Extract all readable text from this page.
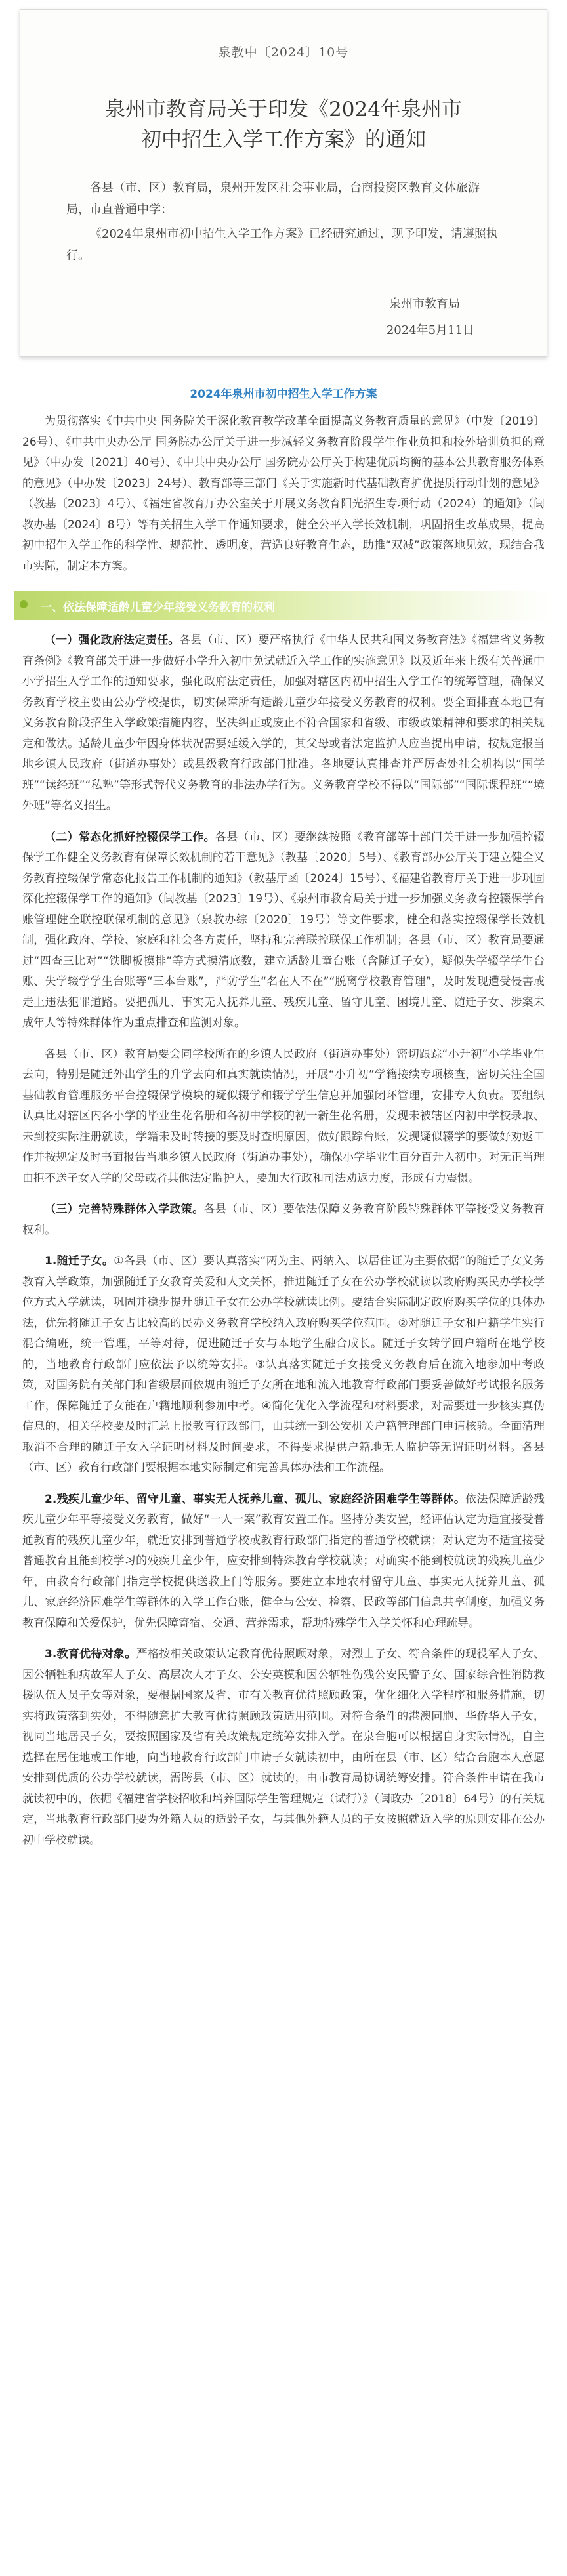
泉教中〔2024〕10号
泉州市教育局关于印发《2024年泉州市
初中招生入学工作方案》的通知

各县（市、区）教育局，泉州开发区社会事业局，台商投资区教育文体旅游局，市直普通中学：

《2024年泉州市初中招生入学工作方案》已经研究通过，现予印发，请遵照执行。

泉州市教育局
2024年5月11日
2024年泉州市初中招生入学工作方案

为贯彻落实《中共中央 国务院关于深化教育教学改革全面提高义务教育质量的意见》（中发〔2019〕26号）、《中共中央办公厅 国务院办公厅关于进一步减轻义务教育阶段学生作业负担和校外培训负担的意见》（中办发〔2021〕40号）、《中共中央办公厅 国务院办公厅关于构建优质均衡的基本公共教育服务体系的意见》（中办发〔2023〕24号）、教育部等三部门《关于实施新时代基础教育扩优提质行动计划的意见》（教基〔2023〕4号）、《福建省教育厅办公室关于开展义务教育阳光招生专项行动（2024）的通知》（闽教办基〔2024〕8号）等有关招生入学工作通知要求，健全公平入学长效机制，巩固招生改革成果，提高初中招生入学工作的科学性、规范性、透明度，营造良好教育生态，助推“双减”政策落地见效，现结合我市实际，制定本方案。

一、依法保障适龄儿童少年接受义务教育的权利

（一）强化政府法定责任。各县（市、区）要严格执行《中华人民共和国义务教育法》《福建省义务教育条例》《教育部关于进一步做好小学升入初中免试就近入学工作的实施意见》以及近年来上级有关普通中小学招生入学工作的通知要求，强化政府法定责任，加强对辖区内初中招生入学工作的统筹管理，确保义务教育学校主要由公办学校提供，切实保障所有适龄儿童少年接受义务教育的权利。要全面排查本地已有义务教育阶段招生入学政策措施内容，坚决纠正或废止不符合国家和省级、市级政策精神和要求的相关规定和做法。适龄儿童少年因身体状况需要延缓入学的，其父母或者法定监护人应当提出申请，按规定报当地乡镇人民政府（街道办事处）或县级教育行政部门批准。各地要认真排查并严厉查处社会机构以“国学班”“读经班”“私塾”等形式替代义务教育的非法办学行为。义务教育学校不得以“国际部”“国际课程班”“境外班”等名义招生。

（二）常态化抓好控辍保学工作。各县（市、区）要继续按照《教育部等十部门关于进一步加强控辍保学工作健全义务教育有保障长效机制的若干意见》（教基〔2020〕5号）、《教育部办公厅关于建立健全义务教育控辍保学常态化报告工作机制的通知》（教基厅函〔2024〕15号）、《福建省教育厅关于进一步巩固深化控辍保学工作的通知》（闽教基〔2023〕19号）、《泉州市教育局关于进一步加强义务教育控辍保学台账管理健全联控联保机制的意见》（泉教办综〔2020〕19号）等文件要求，健全和落实控辍保学长效机制，强化政府、学校、家庭和社会各方责任，坚持和完善联控联保工作机制；各县（市、区）教育局要通过“四查三比对”“铁脚板摸排”等方式摸清底数，建立适龄儿童台账（含随迁子女），疑似失学辍学学生台账、失学辍学学生台账等“三本台账”，严防学生“名在人不在”“脱离学校教育管理”，及时发现遭受侵害或走上违法犯罪道路。要把孤儿、事实无人抚养儿童、残疾儿童、留守儿童、困境儿童、随迁子女、涉案未成年人等特殊群体作为重点排查和监测对象。

各县（市、区）教育局要会同学校所在的乡镇人民政府（街道办事处）密切跟踪“小升初”小学毕业生去向，特别是随迁外出学生的升学去向和真实就读情况，开展“小升初”学籍接续专项核查，密切关注全国基础教育管理服务平台控辍保学模块的疑似辍学和辍学学生信息并加强闭环管理，安排专人负责。要组织认真比对辖区内各小学的毕业生花名册和各初中学校的初一新生花名册，发现未被辖区内初中学校录取、未到校实际注册就读，学籍未及时转接的要及时查明原因，做好跟踪台账，发现疑似辍学的要做好劝返工作并按规定及时书面报告当地乡镇人民政府（街道办事处），确保小学毕业生百分百升入初中。对无正当理由拒不送子女入学的父母或者其他法定监护人，要加大行政和司法劝返力度，形成有力震慑。

（三）完善特殊群体入学政策。各县（市、区）要依法保障义务教育阶段特殊群体平等接受义务教育权利。

1.随迁子女。①各县（市、区）要认真落实“两为主、两纳入、以居住证为主要依据”的随迁子女义务教育入学政策，加强随迁子女教育关爱和人文关怀，推进随迁子女在公办学校就读以政府购买民办学校学位方式入学就读，巩固并稳步提升随迁子女在公办学校就读比例。要结合实际制定政府购买学位的具体办法，优先将随迁子女占比较高的民办义务教育学校纳入政府购买学位范围。②对随迁子女和户籍学生实行混合编班，统一管理，平等对待，促进随迁子女与本地学生融合成长。随迁子女转学回户籍所在地学校的，当地教育行政部门应依法予以统筹安排。③认真落实随迁子女接受义务教育后在流入地参加中考政策，对国务院有关部门和省级层面依规由随迁子女所在地和流入地教育行政部门要妥善做好考试报名服务工作，保障随迁子女能在户籍地顺利参加中考。④简化优化入学流程和材料要求，对需要进一步核实真伪信息的，相关学校要及时汇总上报教育行政部门，由其统一到公安机关户籍管理部门申请核验。全面清理取消不合理的随迁子女入学证明材料及时间要求，不得要求提供户籍地无人监护等无谓证明材料。各县（市、区）教育行政部门要根据本地实际制定和完善具体办法和工作流程。

2.残疾儿童少年、留守儿童、事实无人抚养儿童、孤儿、家庭经济困难学生等群体。依法保障适龄残疾儿童少年平等接受义务教育，做好“一人一案”教育安置工作。坚持分类安置，经评估认定为适宜接受普通教育的残疾儿童少年，就近安排到普通学校或教育行政部门指定的普通学校就读；对认定为不适宜接受普通教育且能到校学习的残疾儿童少年，应安排到特殊教育学校就读；对确实不能到校就读的残疾儿童少年，由教育行政部门指定学校提供送教上门等服务。要建立本地农村留守儿童、事实无人抚养儿童、孤儿、家庭经济困难学生等群体的入学工作台账，健全与公安、检察、民政等部门信息共享制度，加强义务教育保障和关爱保护，优先保障寄宿、交通、营养需求，帮助特殊学生入学关怀和心理疏导。

3.教育优待对象。严格按相关政策认定教育优待照顾对象，对烈士子女、符合条件的现役军人子女、因公牺牲和病故军人子女、高层次人才子女、公安英模和因公牺牲伤残公安民警子女、国家综合性消防救援队伍人员子女等对象，要根据国家及省、市有关教育优待照顾政策，优化细化入学程序和服务措施，切实将政策落到实处，不得随意扩大教育优待照顾政策适用范围。对符合条件的港澳同胞、华侨华人子女，视同当地居民子女，要按照国家及省有关政策规定统筹安排入学。在泉台胞可以根据自身实际情况，自主选择在居住地或工作地，向当地教育行政部门申请子女就读初中，由所在县（市、区）结合台胞本人意愿安排到优质的公办学校就读，需跨县（市、区）就读的，由市教育局协调统筹安排。符合条件申请在我市就读初中的，依据《福建省学校招收和培养国际学生管理规定（试行）》（闽政办〔2018〕64号）的有关规定，当地教育行政部门要为外籍人员的适龄子女，与其他外籍人员的子女按照就近入学的原则安排在公办初中学校就读。
